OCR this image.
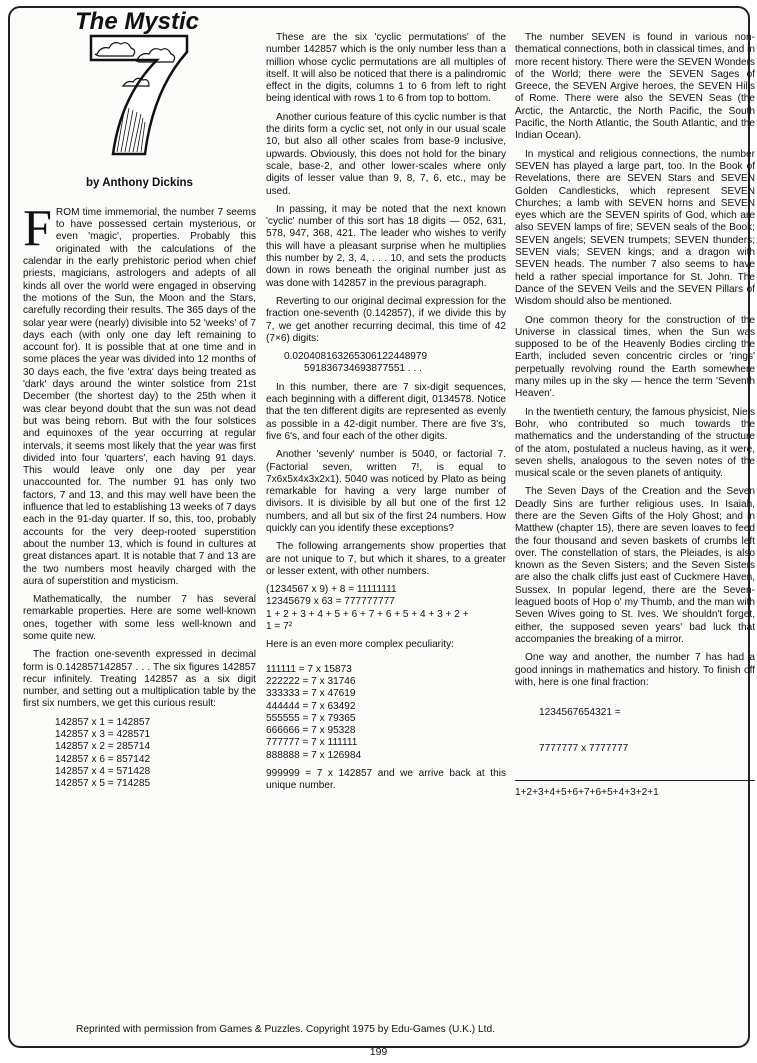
The Mystic
by Anthony Dickins

FROM time immemorial, the number 7 seems to have possessed certain mysterious, or even 'magic', properties. Probably this originated with the calculations of the calendar in the early prehistoric period when chief priests, magicians, astrologers and adepts of all kinds all over the world were engaged in observing the motions of the Sun, the Moon and the Stars, carefully recording their results. The 365 days of the solar year were (nearly) divisible into 52 'weeks' of 7 days each (with only one day left remaining to account for). It is possible that at one time and in some places the year was divided into 12 months of 30 days each, the five 'extra' days being treated as 'dark' days around the winter solstice from 21st December (the shortest day) to the 25th when it was clear beyond doubt that the sun was not dead but was being reborn. But with the four solstices and equinoxes of the year occurring at regular intervals, it seems most likely that the year was first divided into four 'quarters', each having 91 days. This would leave only one day per year unaccounted for. The number 91 has only two factors, 7 and 13, and this may well have been the influence that led to establishing 13 weeks of 7 days each in the 91-day quarter. If so, this, too, probably accounts for the very deep-rooted superstition about the number 13, which is found in cultures at great distances apart. It is notable that 7 and 13 are the two numbers most heavily charged with the aura of superstition and mysticism.

Mathematically, the number 7 has several remarkable properties. Here are some well-known ones, together with some less well-known and some quite new.

The fraction one-seventh expressed in decimal form is 0.142857142857 . . . The six figures 142857 recur infinitely. Treating 142857 as a six digit number, and setting out a multiplication table by the first six numbers, we get this curious result:

142857 x 1 = 142857
142857 x 3 = 428571
142857 x 2 = 285714
142857 x 6 = 857142
142857 x 4 = 571428
142857 x 5 = 714285

These are the six 'cyclic permutations' of the number 142857 which is the only number less than a million whose cyclic permutations are all multiples of itself. It will also be noticed that there is a palindromic effect in the digits, columns 1 to 6 from left to right being identical with rows 1 to 6 from top to bottom.

Another curious feature of this cyclic number is that the dirits form a cyclic set, not only in our usual scale 10, but also all other scales from base-9 inclusive, upwards. Obviously, this does not hold for the binary scale, base-2, and other lower-scales where only digits of lesser value than 9, 8, 7, 6, etc., may be used.

In passing, it may be noted that the next known 'cyclic' number of this sort has 18 digits — 052, 631, 578, 947, 368, 421. The leader who wishes to verify this will have a pleasant surprise when he multiplies this number by 2, 3, 4, . . . 10, and sets the products down in rows beneath the original number just as was done with 142857 in the previous paragraph.

Reverting to our original decimal expression for the fraction one-seventh (0.142857), if we divide this by 7, we get another recurring decimal, this time of 42 (7×6) digits:

0.020408163265306122448979
591836734693877551 . . .

In this number, there are 7 six-digit sequences, each beginning with a different digit, 0134578. Notice that the ten different digits are represented as evenly as possible in a 42-digit number. There are five 3's, five 6's, and four each of the other digits.

Another 'sevenly' number is 5040, or factorial 7. (Factorial seven, written 7!, is equal to 7x6x5x4x3x2x1). 5040 was noticed by Plato as being remarkable for having a very large number of divisors. It is divisible by all but one of the first 12 numbers, and all but six of the first 24 numbers. How quickly can you identify these exceptions?

The following arrangements show properties that are not unique to 7, but which it shares, to a greater or lesser extent, with other numbers.

(1234567 x 9) + 8 = 11111111
12345679 x 63 = 777777777
1 + 2 + 3 + 4 + 5 + 6 + 7 + 6 + 5 + 4 + 3 + 2 +
1 = 7²

Here is an even more complex peculiarity:

111111 = 7 x 15873
222222 = 7 x 31746
333333 = 7 x 47619
444444 = 7 x 63492
555555 = 7 x 79365
666666 = 7 x 95328
777777 = 7 x 111111
888888 = 7 x 126984

999999 = 7 x 142857 and we arrive back at this unique number.

The number SEVEN is found in various non-thematical connections, both in classical times, and in more recent history. There were the SEVEN Wonders of the World; there were the SEVEN Sages of Greece, the SEVEN Argive heroes, the SEVEN Hills of Rome. There were also the SEVEN Seas (the Arctic, the Antarctic, the North Pacific, the South Pacific, the North Atlantic, the South Atlantic, and the Indian Ocean).

In mystical and religious connections, the number SEVEN has played a large part, too. In the Book of Revelations, there are SEVEN Stars and SEVEN Golden Candlesticks, which represent SEVEN Churches; a lamb with SEVEN horns and SEVEN eyes which are the SEVEN spirits of God, which are also SEVEN lamps of fire; SEVEN seals of the Book; SEVEN angels; SEVEN trumpets; SEVEN thunders; SEVEN vials; SEVEN kings; and a dragon with SEVEN heads. The number 7 also seems to have held a rather special importance for St. John. The Dance of the SEVEN Veils and the SEVEN Pillars of Wisdom should also be mentioned.

One common theory for the construction of the Universe in classical times, when the Sun was supposed to be of the Heavenly Bodies circling the Earth, included seven concentric circles or 'rings' perpetually revolving round the Earth somewhere many miles up in the sky — hence the term 'Seventh Heaven'.

In the twentieth century, the famous physicist, Niels Bohr, who contributed so much towards the mathematics and the understanding of the structure of the atom, postulated a nucleus having, as it were, seven shells, analogous to the seven notes of the musical scale or the seven planets of antiquity.

The Seven Days of the Creation and the Seven Deadly Sins are further religious uses. In Isaiah, there are the Seven Gifts of the Holy Ghost; and in Matthew (chapter 15), there are seven loaves to feed the four thousand and seven baskets of crumbs left over. The constellation of stars, the Pleiades, is also known as the Seven Sisters; and the Seven Sisters are also the chalk cliffs just east of Cuckmere Haven, Sussex. In popular legend, there are the Seven-leagued boots of Hop o' my Thumb, and the man with Seven Wives going to St. Ives. We shouldn't forget, either, the supposed seven years' bad luck that accompanies the breaking of a mirror.

One way and another, the number 7 has had a good innings in mathematics and history. To finish off with, here is one final fraction:

1234567654321 =
7777777 x 7777777
1+2+3+4+5+6+7+6+5+4+3+2+1
Reprinted with permission from Games & Puzzles. Copyright 1975 by Edu-Games (U.K.) Ltd.
199
